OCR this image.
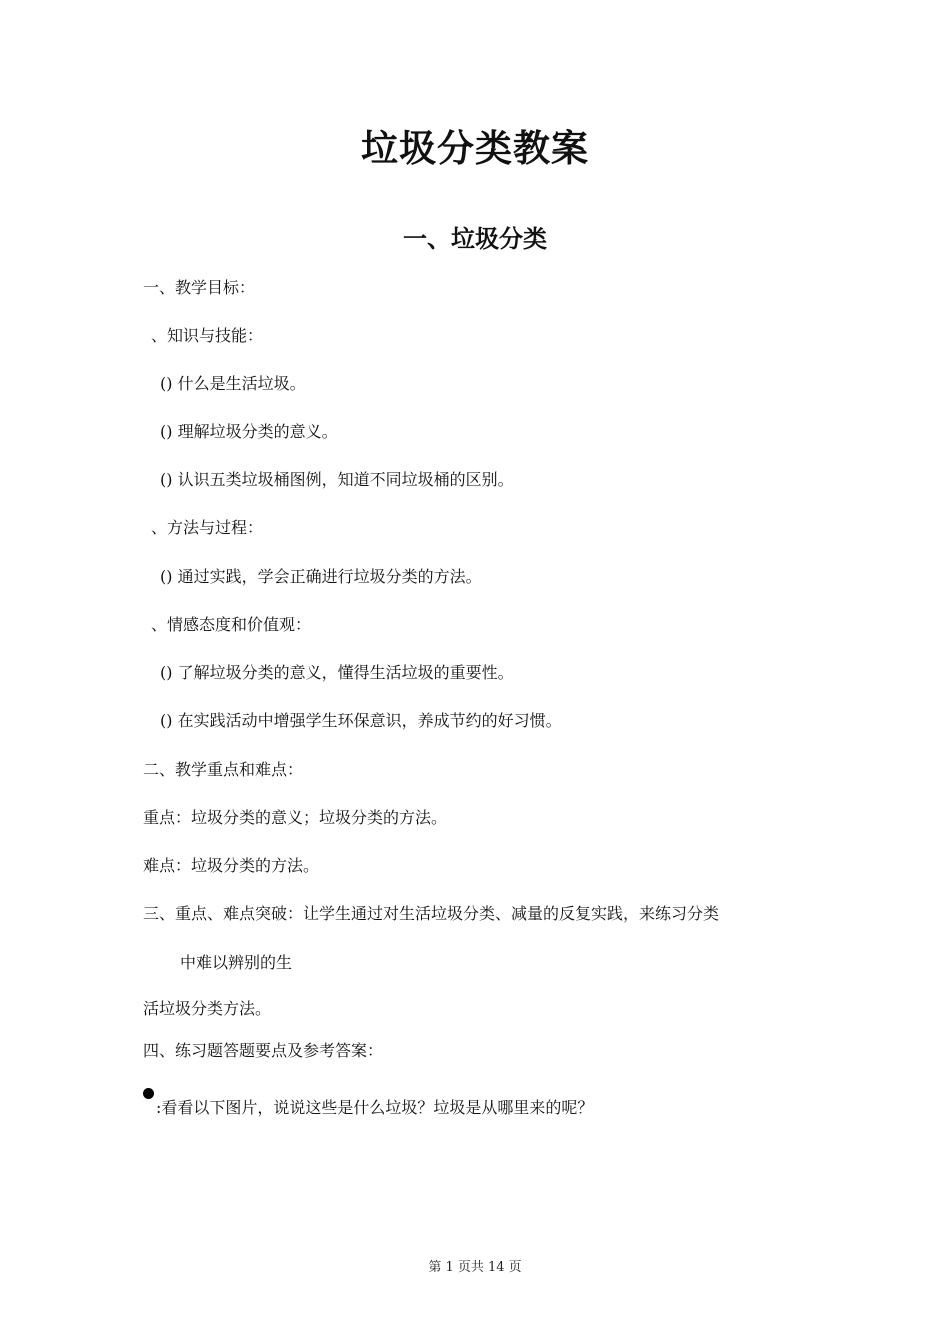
垃圾分类教案
一、垃圾分类

一、教学目标：

、知识与技能：

() 什么是生活垃圾。

() 理解垃圾分类的意义。

() 认识五类垃圾桶图例，知道不同垃圾桶的区别。

、方法与过程：

() 通过实践，学会正确进行垃圾分类的方法。

、情感态度和价值观：

() 了解垃圾分类的意义，懂得生活垃圾的重要性。

() 在实践活动中增强学生环保意识，养成节约的好习惯。

二、教学重点和难点：

重点：垃圾分类的意义；垃圾分类的方法。

难点：垃圾分类的方法。

三、重点、难点突破：让学生通过对生活垃圾分类、减量的反复实践，来练习分类

中难以辨别的生

活垃圾分类方法。

四、练习题答题要点及参考答案：

:看看以下图片，说说这些是什么垃圾？垃圾是从哪里来的呢？

第 1 页共 14 页
